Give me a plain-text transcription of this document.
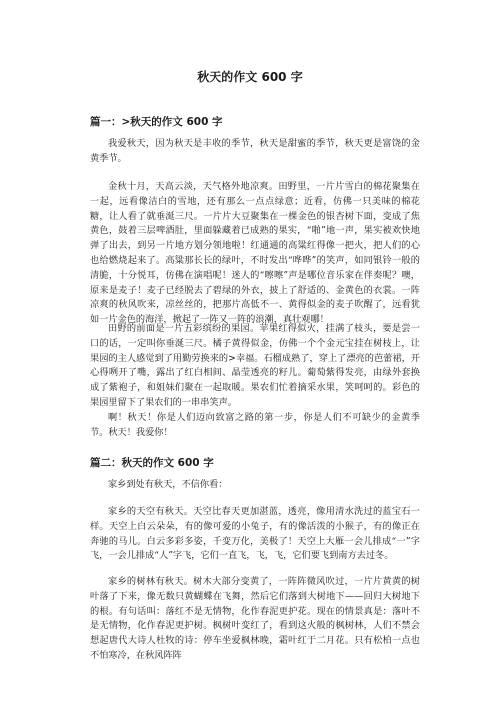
秋天的作文 600 字
篇一：>秋天的作文 600 字

我爱秋天，因为秋天是丰收的季节，秋天是甜蜜的季节，秋天更是富饶的金黄季节。

金秋十月，天高云淡，天气格外地凉爽。田野里，一片片雪白的棉花聚集在一起，远看像洁白的雪地，还有那么一点点绿意；近看，仿佛一只美味的棉花糖，让人看了就垂涎三尺。一片片大豆聚集在一棵金色的银杏树下面，变成了焦黄色，鼓着三层啤酒肚，里面躲藏着已成熟的果实，“啪”地一声，果实被欢快地弹了出去，到另一片地方划分领地啦！红通通的高粱红得像一把火，把人们的心也给燃烧起来了。高粱那长长的绿叶，不时发出“哗哗”的笑声，如同银铃一般的清脆，十分悦耳，仿佛在演唱呢！迷人的“嚓嚓”声是哪位音乐家在伴奏呢？噢，原来是麦子！麦子已经脱去了碧绿的外衣，披上了舒适的、金黄色的衣裳。一阵凉爽的秋风吹来，凉丝丝的，把那片高低不一、黄得似金的麦子吹醒了，远看犹如一片金色的海洋，掀起了一阵又一阵的浪潮，真壮观哪！

田野的前面是一片五彩缤纷的果园。苹果红得似火，挂满了枝头，要是尝一口的话，一定叫你垂涎三尺。橘子黄得似金，仿佛一个个金元宝挂在树枝上，让果园的主人感觉到了用勤劳换来的>幸福。石榴成熟了，穿上了漂亮的芭蕾裙，开心得咧开了嘴，露出了红白相间、晶莹透亮的籽儿。葡萄紫得发亮，由绿外套换成了紫袍子，和姐妹们聚在一起取暖。果农们忙着摘采水果，笑呵呵的。彩色的果园里留下了果农们的一串串笑声。

啊！秋天！你是人们迈向致富之路的第一步，你是人们不可缺少的金黄季节。秋天！我爱你！

篇二：秋天的作文 600 字

家乡到处有秋天，不信你看：

家乡的天空有秋天。天空比春天更加湛蓝，透亮，像用清水洗过的蓝宝石一样。天空上白云朵朵，有的像可爱的小兔子，有的像活泼的小猴子，有的像正在奔驰的马儿。白云多彩多姿，千变万化，美极了！天空上大雁一会儿排成“一”字飞，一会儿排成“人”字飞，它们一直飞，飞，飞，它们要飞到南方去过冬。

家乡的树林有秋天。树木大部分变黄了，一阵阵微风吹过，一片片黄黄的树叶落了下来，像无数只黄蝴蝶在飞舞，然后它们落到大树地下——回归大树地下的根。有句话叫：落红不是无情物，化作春泥更护花。现在的情景真是：落叶不是无情物，化作春泥更护树。枫树叶变红了，看到这火般的枫树林，人们不禁会想起唐代大诗人杜牧的诗：停车坐爱枫林晚，霜叶红于二月花。只有松柏一点也不怕寒冷，在秋风阵阵
